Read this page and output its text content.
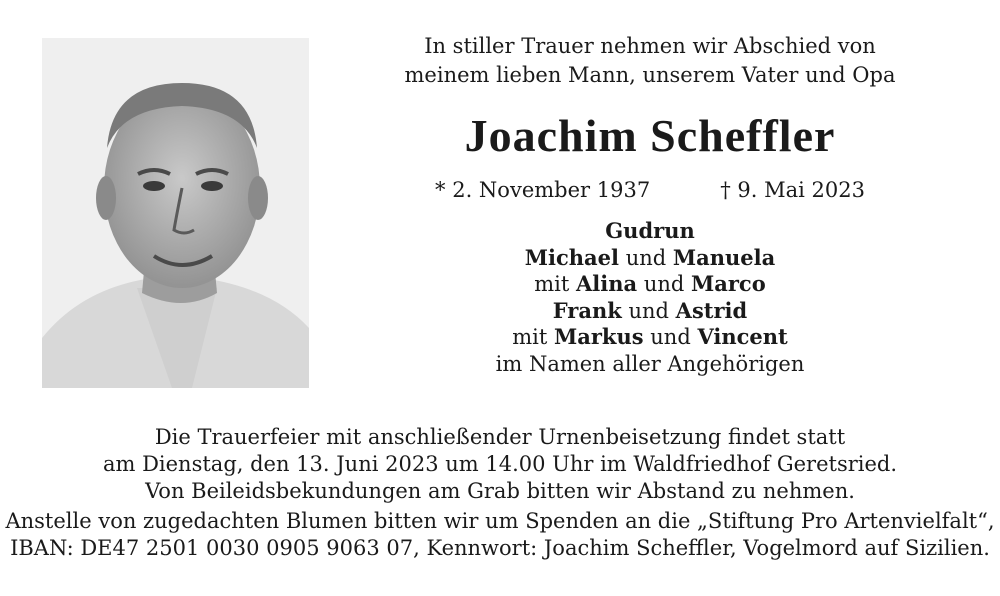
In stiller Trauer nehmen wir Abschied von
meinem lieben Mann, unserem Vater und Opa

Joachim Scheffler
* 2. November 1937	† 9. Mai 2023
Gudrun
Michael und Manuela
mit Alina und Marco
Frank und Astrid
mit Markus und Vincent
im Namen aller Angehörigen
Die Trauerfeier mit anschließender Urnenbeisetzung findet statt
am Dienstag, den 13. Juni 2023 um 14.00 Uhr im Waldfriedhof Geretsried.
Von Beileidsbekundungen am Grab bitten wir Abstand zu nehmen.
Anstelle von zugedachten Blumen bitten wir um Spenden an die „Stiftung Pro Artenvielfalt“,
IBAN: DE47 2501 0030 0905 9063 07, Kennwort: Joachim Scheffler, Vogelmord auf Sizilien.
